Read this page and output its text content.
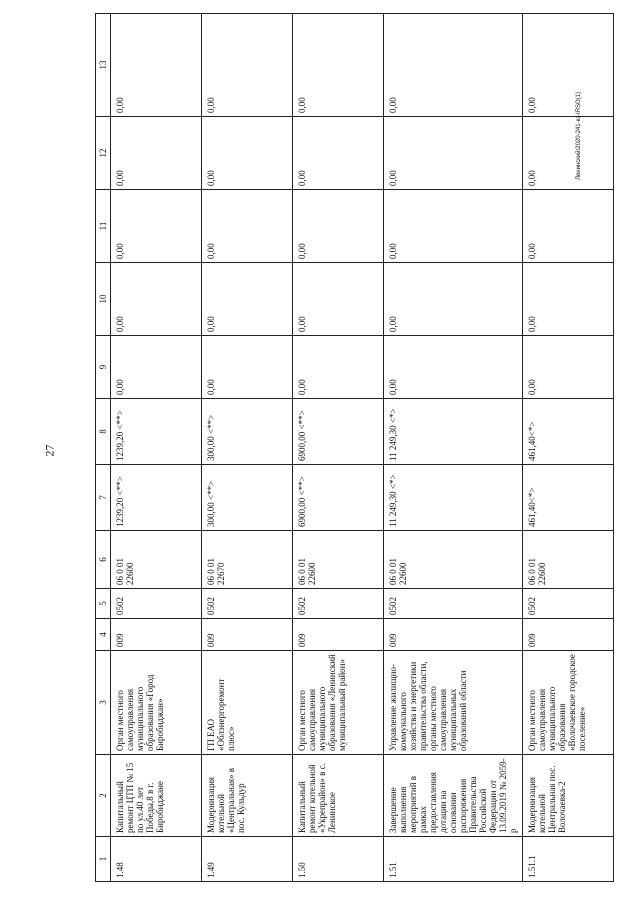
27
Ленинский/2020-241-кз-IRSO(1)
1	2	3	4	5	6	7	8	9	10	11	12	13
1.48	Капитальный ремонт ЦТП № 15 по ул.40 лет Победы,8 в г. Биробиджане	Орган местного самоуправления муниципального образования «Город Биробиджан»	009	0502	06 0 01 22600	1239,20 <**>	1239,20 <**>	0,00	0,00	0,00	0,00	0,00
1.49	Модернизация котельной «Центральная» в пос. Кульдур	ГП ЕАО «Облэнергоремонт плюс»	009	0502	06 0 01 22670	300,00 <**>	300,00 <**>	0,00	0,00	0,00	0,00	0,00
1.50	Капитальный ремонт котельной «Укрепрайон» в с. Ленинское	Орган местного самоуправления муниципального образования «Ленинский муниципальный район»	009	0502	06 0 01 22600	6900,00 <**>	6900,00 <**>	0,00	0,00	0,00	0,00	0,00
1.51	Завершение выполнения мероприятий в рамках предоставления дотации на основании распоряжения Правительства Российской Федерации от 13.09.2019 № 2059-р	Управление жилищно-коммунального хозяйства и энергетики правительства области, органы местного самоуправления муниципальных образований области	009	0502	06 0 01 22600	11 249,30 <*>	11 249,30 <*>	0,00	0,00	0,00	0,00	0,00
1.51.1	Модернизация котельной Центральная пос. Волочаевка-2	Орган местного самоуправления муниципального образования «Волочаевское городское поселение»	009	0502	06 0 01 22600	461,40<*>	461,40<*>	0,00	0,00	0,00	0,00	0,00
